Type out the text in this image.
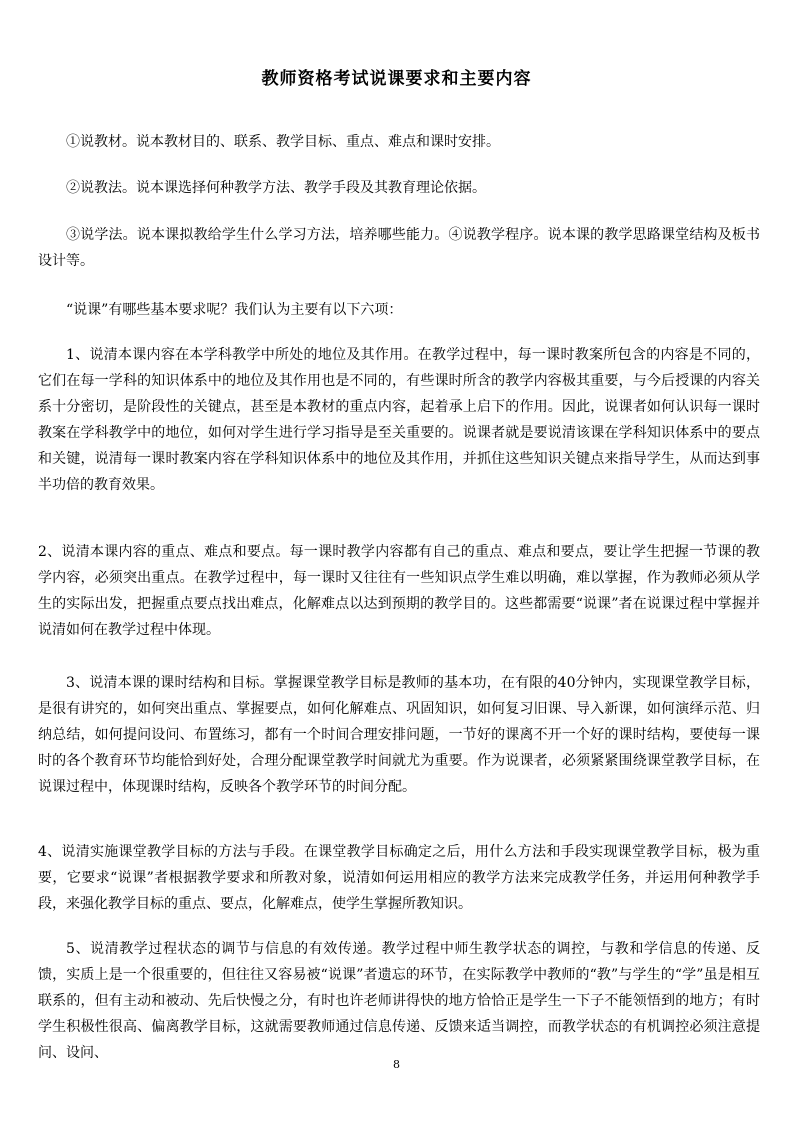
教师资格考试说课要求和主要内容

①说教材。说本教材目的、联系、教学目标、重点、难点和课时安排。

②说教法。说本课选择何种教学方法、教学手段及其教育理论依据。

③说学法。说本课拟教给学生什么学习方法，培养哪些能力。④说教学程序。说本课的教学思路课堂结构及板书设计等。

“说课”有哪些基本要求呢？我们认为主要有以下六项：

1、说清本课内容在本学科教学中所处的地位及其作用。在教学过程中，每一课时教案所包含的内容是不同的，它们在每一学科的知识体系中的地位及其作用也是不同的，有些课时所含的教学内容极其重要，与今后授课的内容关系十分密切，是阶段性的关键点，甚至是本教材的重点内容，起着承上启下的作用。因此，说课者如何认识每一课时教案在学科教学中的地位，如何对学生进行学习指导是至关重要的。说课者就是要说清该课在学科知识体系中的要点和关键，说清每一课时教案内容在学科知识体系中的地位及其作用，并抓住这些知识关键点来指导学生，从而达到事半功倍的教育效果。

2、说清本课内容的重点、难点和要点。每一课时教学内容都有自己的重点、难点和要点，要让学生把握一节课的教学内容，必须突出重点。在教学过程中，每一课时又往往有一些知识点学生难以明确，难以掌握，作为教师必须从学生的实际出发，把握重点要点找出难点，化解难点以达到预期的教学目的。这些都需要“说课”者在说课过程中掌握并说清如何在教学过程中体现。

3、说清本课的课时结构和目标。掌握课堂教学目标是教师的基本功，在有限的40分钟内，实现课堂教学目标，是很有讲究的，如何突出重点、掌握要点，如何化解难点、巩固知识，如何复习旧课、导入新课，如何演绎示范、归纳总结，如何提问设问、布置练习，都有一个时间合理安排问题，一节好的课离不开一个好的课时结构，要使每一课时的各个教育环节均能恰到好处，合理分配课堂教学时间就尤为重要。作为说课者，必须紧紧围绕课堂教学目标，在说课过程中，体现课时结构，反映各个教学环节的时间分配。

4、说清实施课堂教学目标的方法与手段。在课堂教学目标确定之后，用什么方法和手段实现课堂教学目标，极为重要，它要求“说课”者根据教学要求和所教对象，说清如何运用相应的教学方法来完成教学任务，并运用何种教学手段，来强化教学目标的重点、要点，化解难点，使学生掌握所教知识。

5、说清教学过程状态的调节与信息的有效传递。教学过程中师生教学状态的调控，与教和学信息的传递、反馈，实质上是一个很重要的，但往往又容易被“说课”者遗忘的环节，在实际教学中教师的“教”与学生的“学”虽是相互联系的，但有主动和被动、先后快慢之分，有时也许老师讲得快的地方恰恰正是学生一下子不能领悟到的地方；有时学生积极性很高、偏离教学目标，这就需要教师通过信息传递、反馈来适当调控，而教学状态的有机调控必须注意提问、设问、

8
